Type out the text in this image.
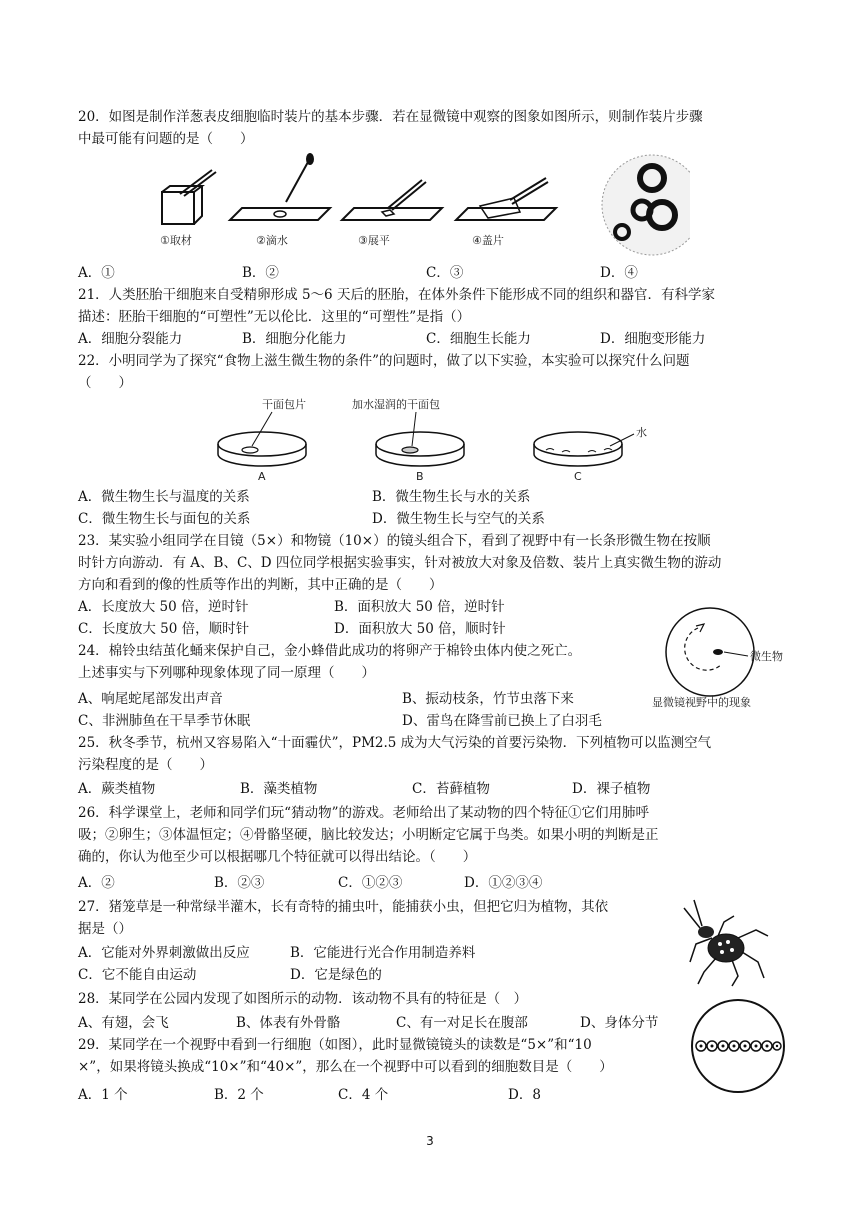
20．如图是制作洋葱表皮细胞临时装片的基本步骤．若在显微镜中观察的图象如图所示，则制作装片步骤
中最可能有问题的是（　　）
①取材	②滴水	③展平	④盖片
A．①	B．②	C．③	D．④
21．人类胚胎干细胞来自受精卵形成 5～6 天后的胚胎，在体外条件下能形成不同的组织和器官．有科学家
描述：胚胎干细胞的“可塑性”无以伦比．这里的“可塑性”是指（）
A．细胞分裂能力	B．细胞分化能力	C．细胞生长能力	D．细胞变形能力
22．小明同学为了探究“食物上滋生微生物的条件”的问题时，做了以下实验，本实验可以探究什么问题
（　　）
干面包片	加水湿润的干面包
水
A	B	C
A．微生物生长与温度的关系	B．微生物生长与水的关系
C．微生物生长与面包的关系	D．微生物生长与空气的关系
23．某实验小组同学在目镜（5×）和物镜（10×）的镜头组合下，看到了视野中有一长条形微生物在按顺
时针方向游动．有 A、B、C、D 四位同学根据实验事实，针对被放大对象及倍数、装片上真实微生物的游动
方向和看到的像的性质等作出的判断，其中正确的是（　　）
A．长度放大 50 倍，逆时针	B．面积放大 50 倍，逆时针
C．长度放大 50 倍，顺时针	D．面积放大 50 倍，顺时针
微生物
显微镜视野中的现象
24．棉铃虫结茧化蛹来保护自己，金小蜂借此成功的将卵产于棉铃虫体内使之死亡。
上述事实与下列哪种现象体现了同一原理（　　）
A、响尾蛇尾部发出声音	B、振动枝条，竹节虫落下来
C、非洲肺鱼在干旱季节休眠	D、雷鸟在降雪前已换上了白羽毛
25．秋冬季节，杭州又容易陷入“十面霾伏”，PM2.5 成为大气污染的首要污染物．下列植物可以监测空气
污染程度的是（　　）
A．蕨类植物	B．藻类植物	C．苔藓植物	D．裸子植物
26．科学课堂上，老师和同学们玩“猜动物”的游戏。老师给出了某动物的四个特征①它们用肺呼
吸；②卵生；③体温恒定；④骨骼坚硬，脑比较发达；小明断定它属于鸟类。如果小明的判断是正
确的，你认为他至少可以根据哪几个特征就可以得出结论。（　　）
A．②	B．②③	C．①②③	D．①②③④
27．猪笼草是一种常绿半灌木，长有奇特的捕虫叶，能捕获小虫，但把它归为植物，其依
据是（）
A．它能对外界刺激做出反应	B．它能进行光合作用制造养料
C．它不能自由运动	D．它是绿色的
28．某同学在公园内发现了如图所示的动物．该动物不具有的特征是（　）
A、有翅，会飞	B、体表有外骨骼	C、有一对足长在腹部	D、身体分节
29．某同学在一个视野中看到一行细胞（如图），此时显微镜镜头的读数是“5×”和“10
×”，如果将镜头换成“10×”和“40×”，那么在一个视野中可以看到的细胞数目是（　　）
A．1 个	B．2 个	C．4 个	D．8
3
